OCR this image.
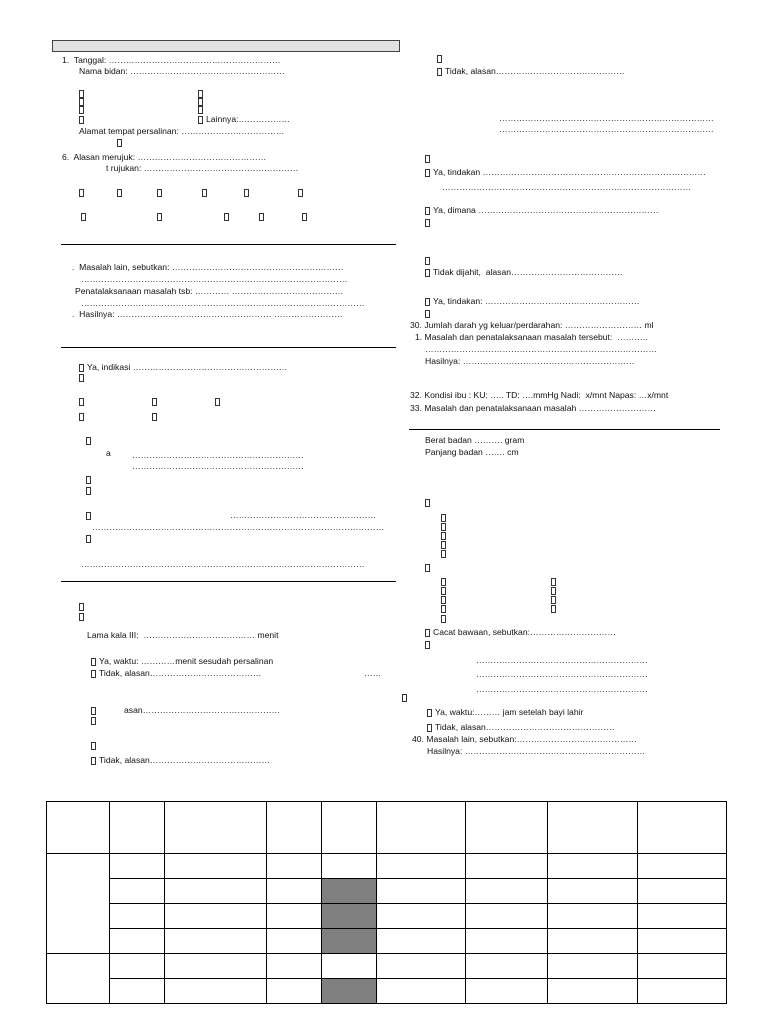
1.  Tanggal: ……………………………………………………
Nama bidan: ………………………………………………
Lainnya:………………
Alamat tempat persalinan: ………………………………
6.  Alasan merujuk: ………………………………………
t rujukan: ………………………………………………
.  Masalah lain, sebutkan: ……………………………………………………
…………………………………………………………………………………
Penatalaksanaan masalah tsb: ………… …………………………………
………………………………………………………………………………………
.  Hasilnya: ……………………………………………… ……………………
Ya, indikasi ………………………………………………
a ……………………………………………………
……………………………………………………
……………………………………………
…………………………………………………………………………………………
………………………………………………………………………………………
Lama kala III:  ………………………………… menit
Ya, waktu: …………menit sesudah persalinan
Tidak, alasan…………………………………	……
asan…………………………………………
Tidak, alasan……………………………………
Tidak, alasan………………………………………
…………………………………………………………………
…………………………………………………………………
Ya, tindakan ……………………………………………………………………
……………………………………………………………………………
Ya, dimana ………………………………………………………
Tidak dijahit,  alasan…………………………………
Ya, tindakan: ………………………………………………
30. Jumlah darah yg keluar/perdarahan: ……………………… ml
1. Masalah dan penatalaksanaan masalah tersebut:  ………..
………………………………………………………………………
Hasilnya: ……………………………………………………
32. Kondisi ibu : KU: ….. TD: ….mmHg Nadi:  x/mnt Napas: …x/mnt
33. Masalah dan penatalaksanaan masalah ………………………
Berat badan ………. gram
Panjang badan ……. cm
Cacat bawaan, sebutkan:…………………………
……………………………………………………
……………………………………………………
……………………………………………………
Ya, waktu:……… jam setelah bayi lahir
Tidak, alasan………………………………………
40. Masalah lain, sebutkan:……………………………………
Hasilnya: ………………………………………………………
